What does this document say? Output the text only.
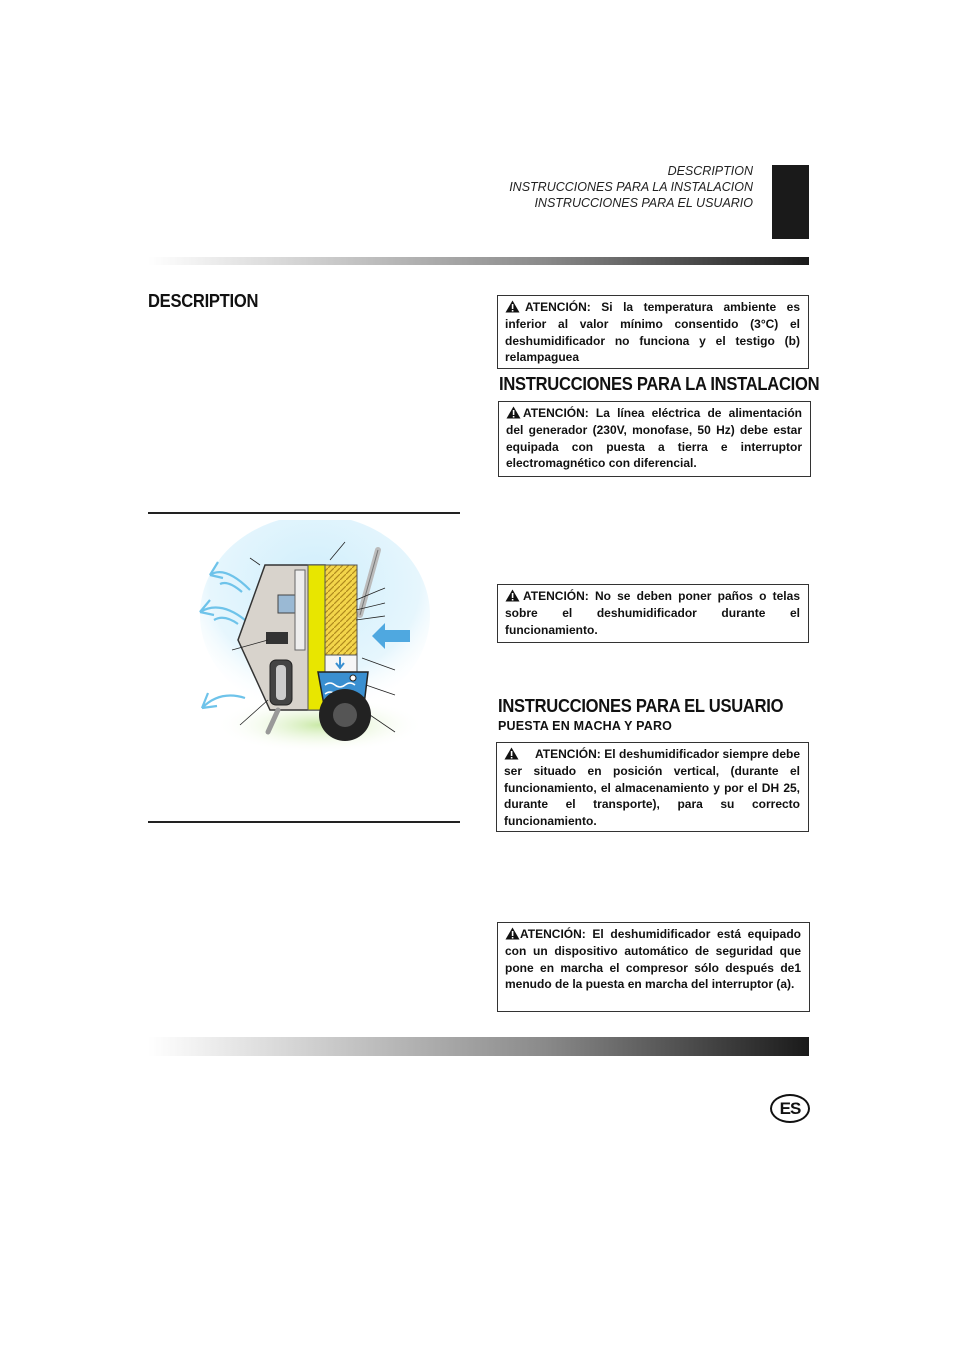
DESCRIPTION
INSTRUCCIONES PARA LA INSTALACION
INSTRUCCIONES PARA EL USUARIO
DESCRIPTION	ATENCIÓN: Si la temperatura ambiente es inferior al valor mínimo consentido (3°C) el deshumidificador no funciona y el testigo (b) relampaguea
INSTRUCCIONES PARA LA INSTALACION
ATENCIÓN: La línea eléctrica de alimentación del generador (230V, monofase, 50 Hz) debe estar equipada con puesta a tierra e interruptor electromagnético con diferencial.
ATENCIÓN: No se deben poner paños o telas sobre el deshumidificador durante el funcionamiento.
INSTRUCCIONES PARA EL USUARIO
PUESTA EN MACHA Y PARO
ATENCIÓN: El deshumidificador siempre debe ser situado en posición vertical, (durante el funcionamiento, el almacenamiento y por el DH 25, durante el transporte), para su correcto funcionamiento.
ATENCIÓN: El deshumidificador está equipado con un dispositivo automático de seguridad que pone en marcha el compresor sólo después de1 menudo de la puesta en marcha del interruptor (a).
ES
